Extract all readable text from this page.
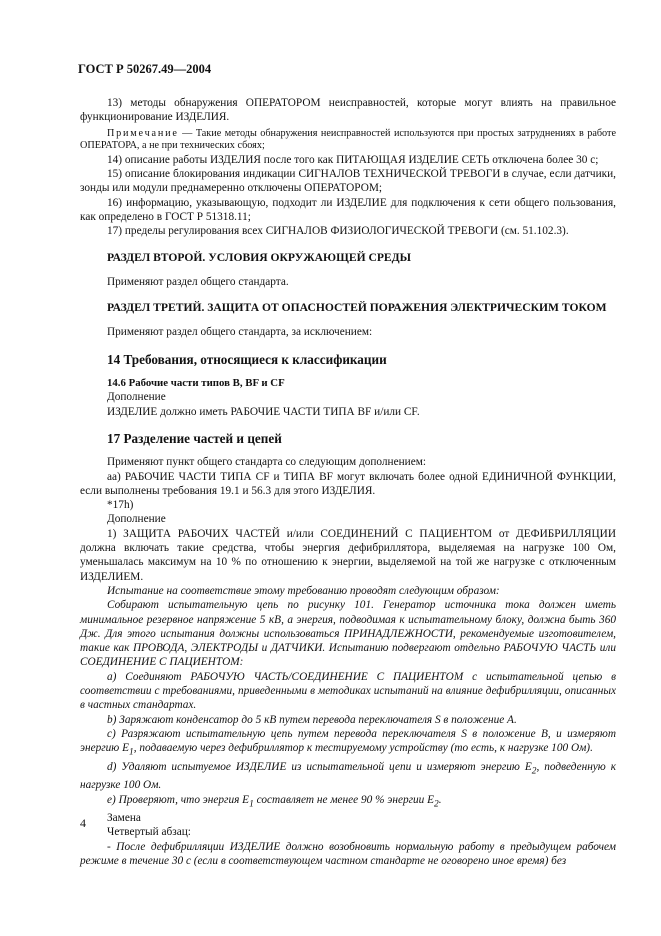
ГОСТ Р 50267.49—2004

13) методы обнаружения ОПЕРАТОРОМ неисправностей, которые могут влиять на правильное функционирование ИЗДЕЛИЯ.

Примечание — Такие методы обнаружения неисправностей используются при простых затруднениях в работе ОПЕРАТОРА, а не при технических сбоях;

14) описание работы ИЗДЕЛИЯ после того как ПИТАЮЩАЯ ИЗДЕЛИЕ СЕТЬ отключена более 30 с;

15) описание блокирования индикации СИГНАЛОВ ТЕХНИЧЕСКОЙ ТРЕВОГИ в случае, если датчики, зонды или модули преднамеренно отключены ОПЕРАТОРОМ;

16) информацию, указывающую, подходит ли ИЗДЕЛИЕ для подключения к сети общего пользования, как определено в ГОСТ Р 51318.11;

17) пределы регулирования всех СИГНАЛОВ ФИЗИОЛОГИЧЕСКОЙ ТРЕВОГИ (см. 51.102.3).

РАЗДЕЛ ВТОРОЙ. УСЛОВИЯ ОКРУЖАЮЩЕЙ СРЕДЫ

Применяют раздел общего стандарта.

РАЗДЕЛ ТРЕТИЙ. ЗАЩИТА ОТ ОПАСНОСТЕЙ ПОРАЖЕНИЯ ЭЛЕКТРИЧЕСКИМ ТОКОМ

Применяют раздел общего стандарта, за исключением:

14 Требования, относящиеся к классификации

14.6 Рабочие части типов В, BF и CF

Дополнение

ИЗДЕЛИЕ должно иметь РАБОЧИЕ ЧАСТИ ТИПА BF и/или CF.

17 Разделение частей и цепей

Применяют пункт общего стандарта со следующим дополнением:

аа) РАБОЧИЕ ЧАСТИ ТИПА CF и ТИПА BF могут включать более одной ЕДИНИЧНОЙ ФУНКЦИИ, если выполнены требования 19.1 и 56.3 для этого ИЗДЕЛИЯ.

*17h)

Дополнение

1) ЗАЩИТА РАБОЧИХ ЧАСТЕЙ и/или СОЕДИНЕНИЙ С ПАЦИЕНТОМ от ДЕФИБРИЛЛЯЦИИ должна включать такие средства, чтобы энергия дефибриллятора, выделяемая на нагрузке 100 Ом, уменьшалась максимум на 10 % по отношению к энергии, выделяемой на той же нагрузке с отключенным ИЗДЕЛИЕМ.

Испытание на соответствие этому требованию проводят следующим образом:

Собирают испытательную цепь по рисунку 101. Генератор источника тока должен иметь минимальное резервное напряжение 5 кВ, а энергия, подводимая к испытательному блоку, должна быть 360 Дж. Для этого испытания должны использоваться ПРИНАДЛЕЖНОСТИ, рекомендуемые изготовителем, такие как ПРОВОДА, ЭЛЕКТРОДЫ и ДАТЧИКИ. Испытанию подвергают отдельно РАБОЧУЮ ЧАСТЬ или СОЕДИНЕНИЕ С ПАЦИЕНТОМ:

а) Соединяют РАБОЧУЮ ЧАСТЬ/СОЕДИНЕНИЕ С ПАЦИЕНТОМ с испытательной цепью в соответствии с требованиями, приведенными в методиках испытаний на влияние дефибрилляции, описанных в частных стандартах.

b) Заряжают конденсатор до 5 кВ путем перевода переключателя S в положение А.

с) Разряжают испытательную цепь путем перевода переключателя S в положение В, и измеряют энергию $E_1$, подаваемую через дефибриллятор к тестируемому устройству (то есть, к нагрузке 100 Ом).

d) Удаляют испытуемое ИЗДЕЛИЕ из испытательной цепи и измеряют энергию $E_2$, подведенную к нагрузке 100 Ом.

е) Проверяют, что энергия $E_1$ составляет не менее 90 % энергии $E_2$.

Замена

Четвертый абзац:

- После дефибрилляции ИЗДЕЛИЕ должно возобновить нормальную работу в предыдущем рабочем режиме в течение 30 с (если в соответствующем частном стандарте не оговорено иное время) без

4
